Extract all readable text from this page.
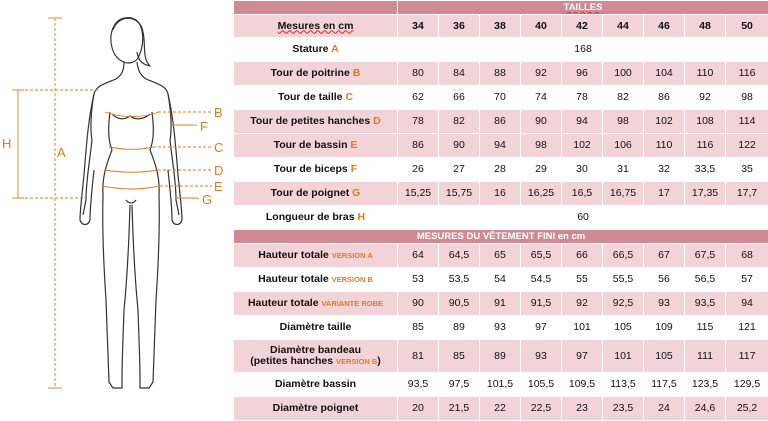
A
H
B
F
C
D
E
G
	TAILLES								
Mesures en cm	34	36	38	40	42	44	46	48	50
Stature A	168								
Tour de poitrine B	80	84	88	92	96	100	104	110	116
Tour de taille C	62	66	70	74	78	82	86	92	98
Tour de petites hanches D	78	82	86	90	94	98	102	108	114
Tour de bassin E	86	90	94	98	102	106	110	116	122
Tour de biceps F	26	27	28	29	30	31	32	33,5	35
Tour de poignet G	15,25	15,75	16	16,25	16,5	16,75	17	17,35	17,7
Longueur de bras H	60								
MESURES DU VÊTEMENT FINI en cm									
Hauteur totale VERSION A	64	64,5	65	65,5	66	66,5	67	67,5	68
Hauteur totale VERSION B	53	53,5	54	54,5	55	55,5	56	56,5	57
Hauteur totale VARIANTE ROBE	90	90,5	91	91,5	92	92,5	93	93,5	94
Diamètre taille	85	89	93	97	101	105	109	115	121
Diamètre bandeau
(petites hanches VERSION B)	81	85	89	93	97	101	105	111	117
Diamètre bassin	93,5	97,5	101,5	105,5	109,5	113,5	117,5	123,5	129,5
Diamètre poignet	20	21,5	22	22,5	23	23,5	24	24,6	25,2
